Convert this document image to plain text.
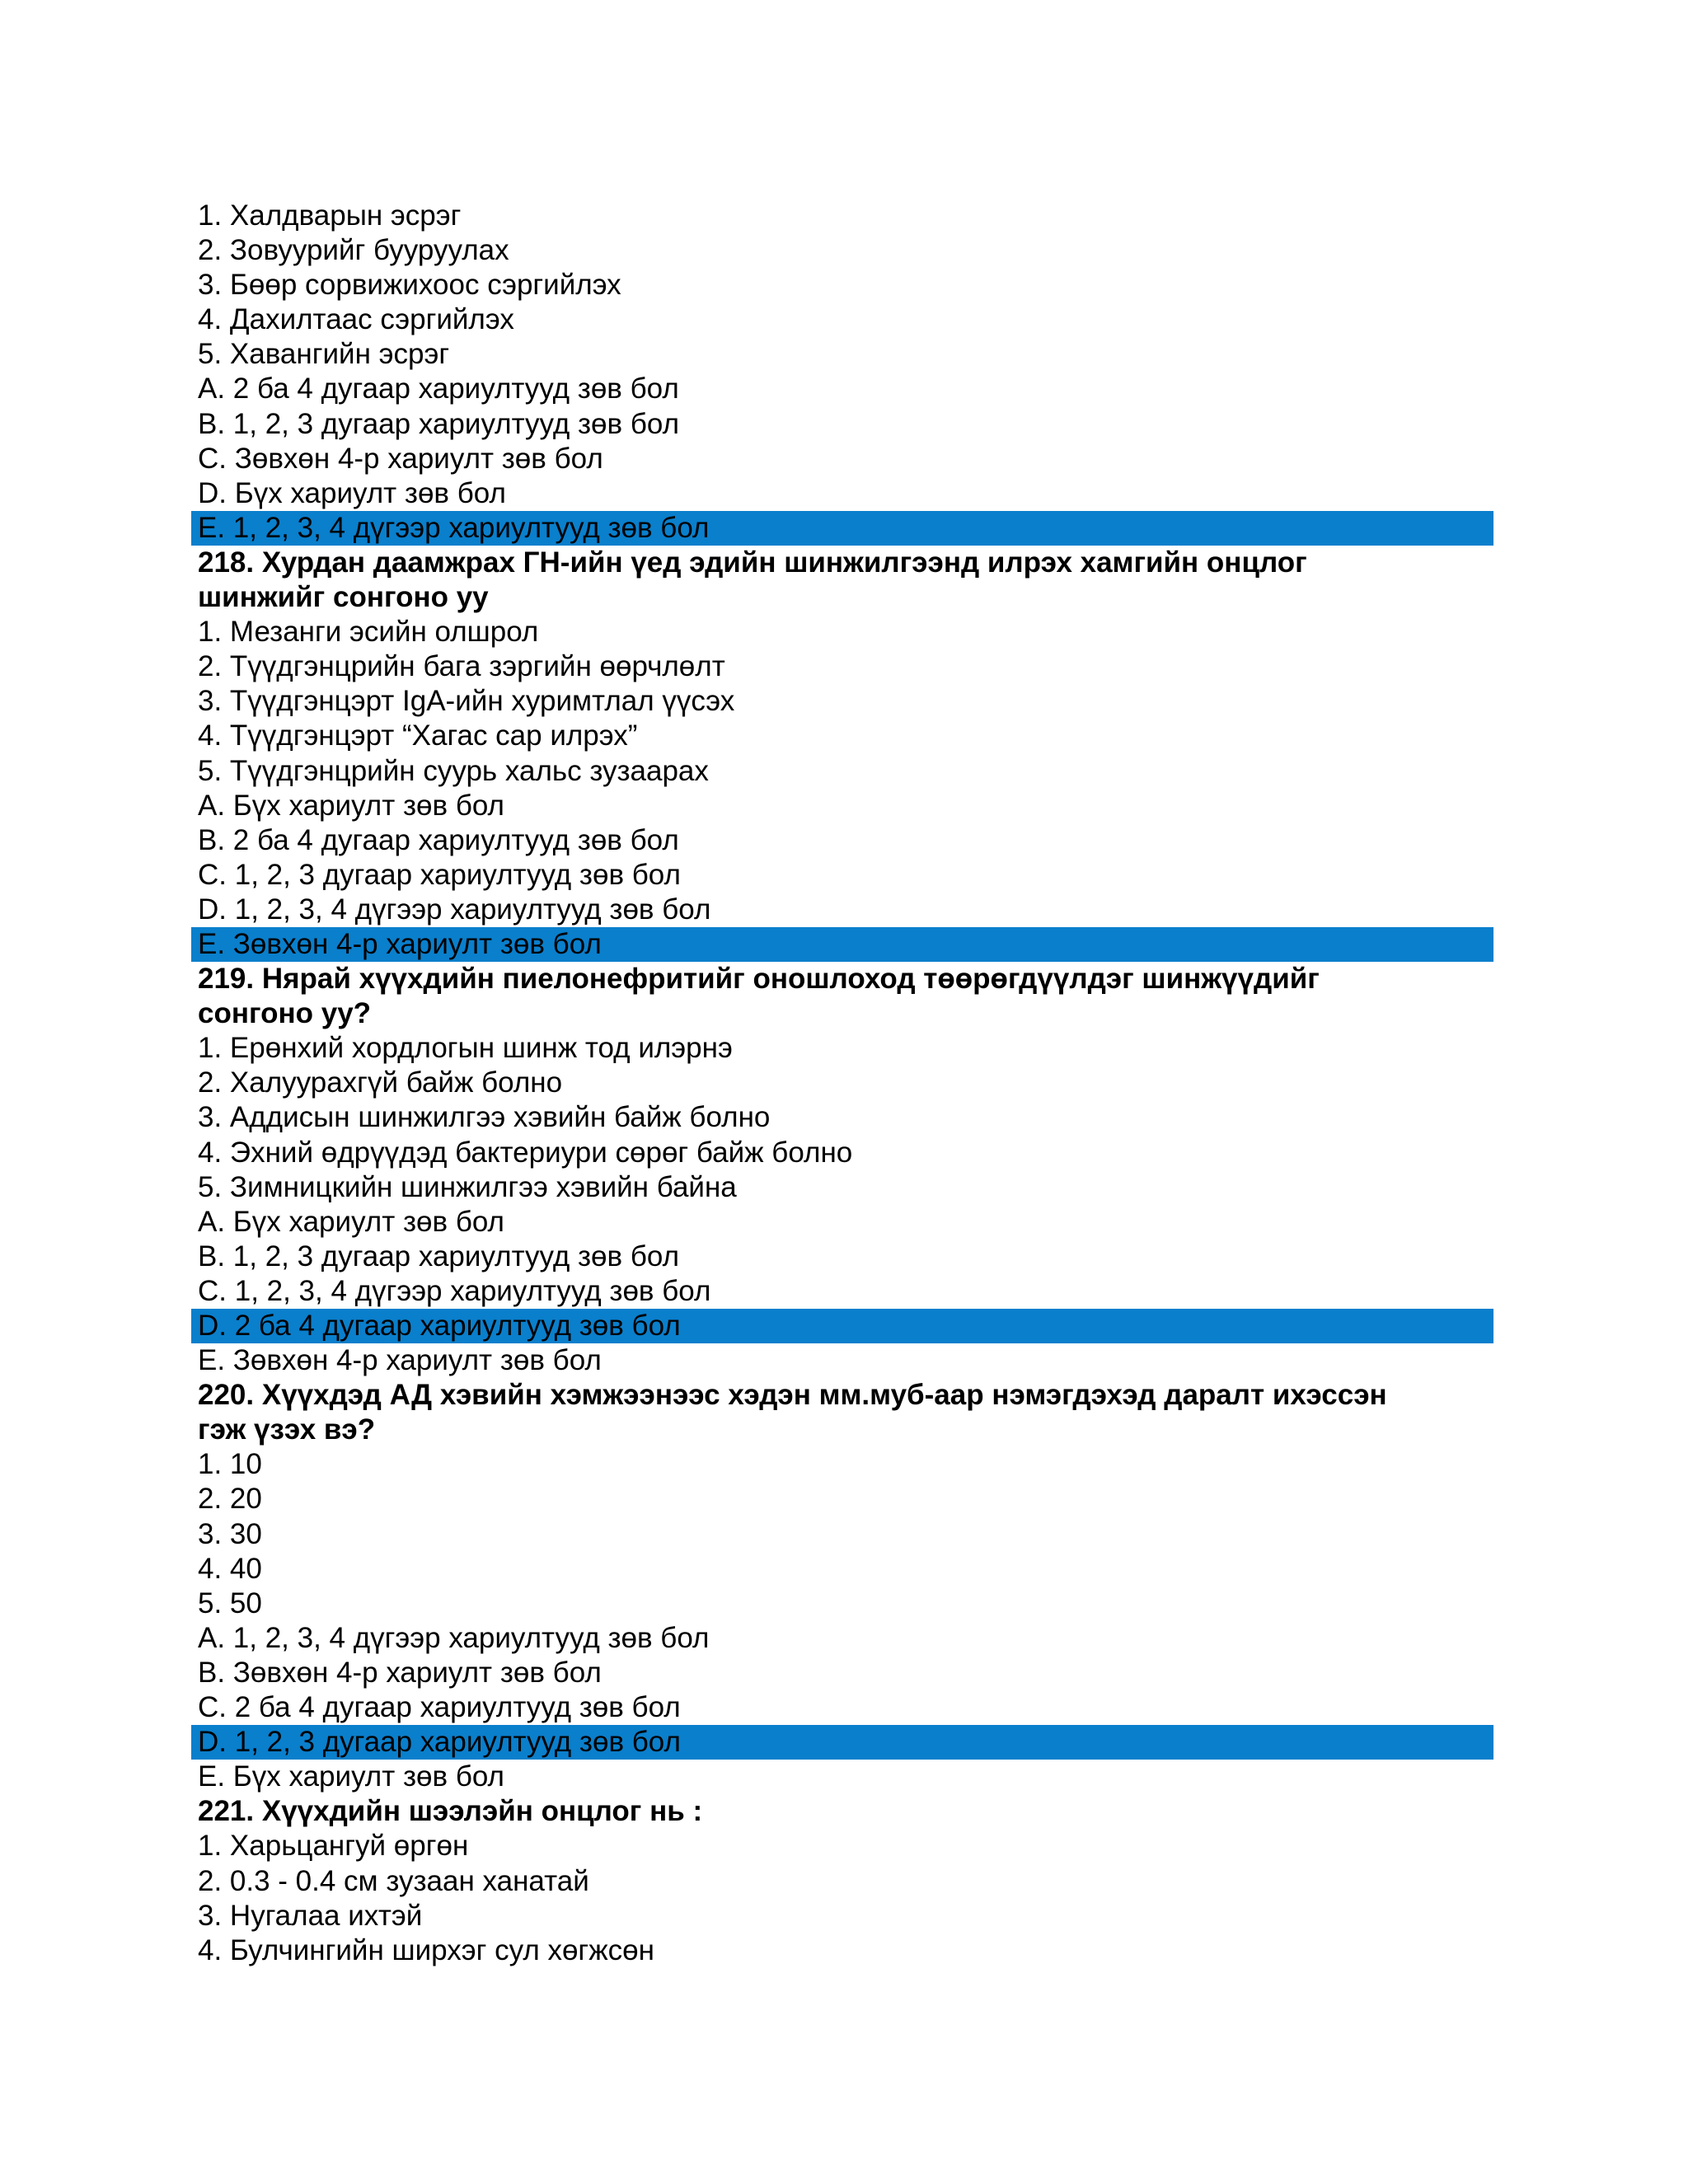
1. Халдварын эсрэг
2. Зовуурийг бууруулах
3. Бөөр сорвижихоос сэргийлэх
4. Дахилтаас сэргийлэх
5. Хавангийн эсрэг
A. 2 ба 4 дугаар хариултууд зөв бол
B. 1, 2, 3 дугаар хариултууд зөв бол
C. Зөвхөн 4-р хариулт зөв бол
D. Бүх хариулт зөв бол
E. 1, 2, 3, 4 дүгээр хариултууд зөв бол
218. Хурдан даамжрах ГН-ийн үед эдийн шинжилгээнд илрэх хамгийн онцлог
шинжийг сонгоно уу
1. Мезанги эсийн олшрол
2. Түүдгэнцрийн бага зэргийн өөрчлөлт
3. Түүдгэнцэрт IgA-ийн хуримтлал үүсэх
4. Түүдгэнцэрт “Хагас сар илрэх”
5. Түүдгэнцрийн суурь хальс зузаарах
A. Бүх хариулт зөв бол
B. 2 ба 4 дугаар хариултууд зөв бол
C. 1, 2, 3 дугаар хариултууд зөв бол
D. 1, 2, 3, 4 дүгээр хариултууд зөв бол
E. Зөвхөн 4-р хариулт зөв бол
219. Нярай хүүхдийн пиелонефритийг оношлоход төөрөгдүүлдэг шинжүүдийг
сонгоно уу?
1. Ерөнхий хордлогын шинж тод илэрнэ
2. Халуурахгүй байж болно
3. Аддисын шинжилгээ хэвийн байж болно
4. Эхний өдрүүдэд бактериури сөрөг байж болно
5. Зимницкийн шинжилгээ хэвийн байна
A. Бүх хариулт зөв бол
B. 1, 2, 3 дугаар хариултууд зөв бол
C. 1, 2, 3, 4 дүгээр хариултууд зөв бол
D. 2 ба 4 дугаар хариултууд зөв бол
E. Зөвхөн 4-р хариулт зөв бол
220. Хүүхдэд АД хэвийн хэмжээнээс хэдэн мм.муб-аар нэмэгдэхэд даралт ихэссэн
гэж үзэх вэ?
1. 10
2. 20
3. 30
4. 40
5. 50
A. 1, 2, 3, 4 дүгээр хариултууд зөв бол
B. Зөвхөн 4-р хариулт зөв бол
C. 2 ба 4 дугаар хариултууд зөв бол
D. 1, 2, 3 дугаар хариултууд зөв бол
E. Бүх хариулт зөв бол
221. Хүүхдийн шээлэйн онцлог нь :
1. Харьцангуй өргөн
2. 0.3 - 0.4 см зузаан ханатай
3. Нугалаа ихтэй
4. Булчингийн ширхэг сул хөгжсөн
